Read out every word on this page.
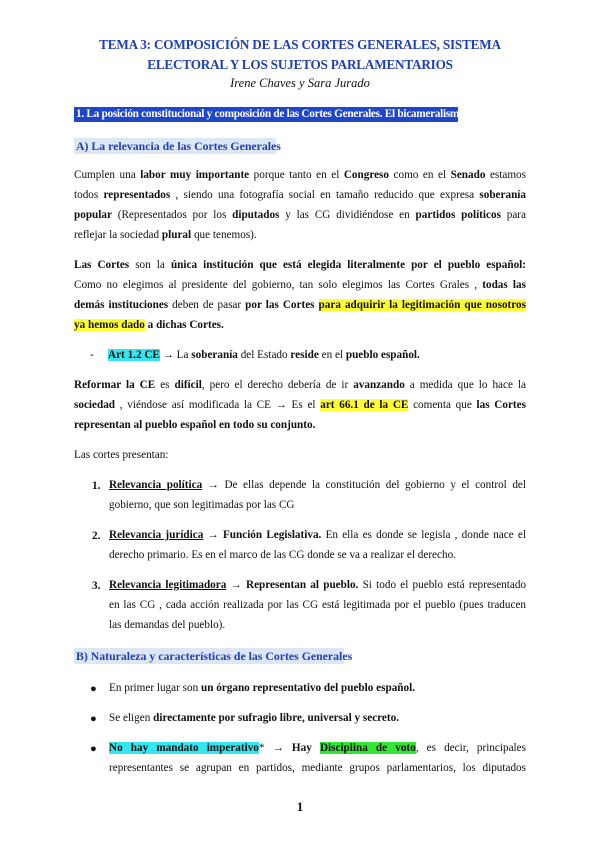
TEMA 3: COMPOSICIÓN DE LAS CORTES GENERALES, SISTEMA
ELECTORAL Y LOS SUJETOS PARLAMENTARIOS
Irene Chaves y Sara Jurado
1. La posición constitucional y composición de las Cortes Generales. El bicameralismo
A) La relevancia de las Cortes Generales
Cumplen una labor muy importante porque tanto en el Congreso como en el Senado estamos
todos representados , siendo una fotografía social en tamaño reducido que expresa soberanía
popular (Representados por los diputados y las CG dividiéndose en partidos políticos para
reflejar la sociedad plural que tenemos).
Las Cortes son la única institución que está elegida literalmente por el pueblo español:
Como no elegimos al presidente del gobierno, tan solo elegimos las Cortes Grales , todas las
demás instituciones deben de pasar por las Cortes para adquirir la legitimación que nosotros
ya hemos dado a dichas Cortes.
- Art 1.2 CE → La soberanía del Estado reside en el pueblo español.
Reformar la CE es difícil, pero el derecho debería de ir avanzando a medida que lo hace la
sociedad , viéndose así modificada la CE → Es el art 66.1 de la CE comenta que las Cortes
representan al pueblo español en todo su conjunto.
Las cortes presentan:
1. Relevancia política → De ellas depende la constitución del gobierno y el control del
gobierno, que son legitimadas por las CG
2. Relevancia jurídica → Función Legislativa. En ella es donde se legisla , donde nace el
derecho primario. Es en el marco de las CG donde se va a realizar el derecho.
3. Relevancia legitimadora → Representan al pueblo. Si todo el pueblo está representado
en las CG , cada acción realizada por las CG está legitimada por el pueblo (pues traducen
las demandas del pueblo).
B) Naturaleza y características de las Cortes Generales
● En primer lugar son un órgano representativo del pueblo español.
● Se eligen directamente por sufragio libre, universal y secreto.
● No hay mandato imperativo* → Hay Disciplina de voto, es decir, principales
representantes se agrupan en partidos, mediante grupos parlamentarios, los diputados
1
